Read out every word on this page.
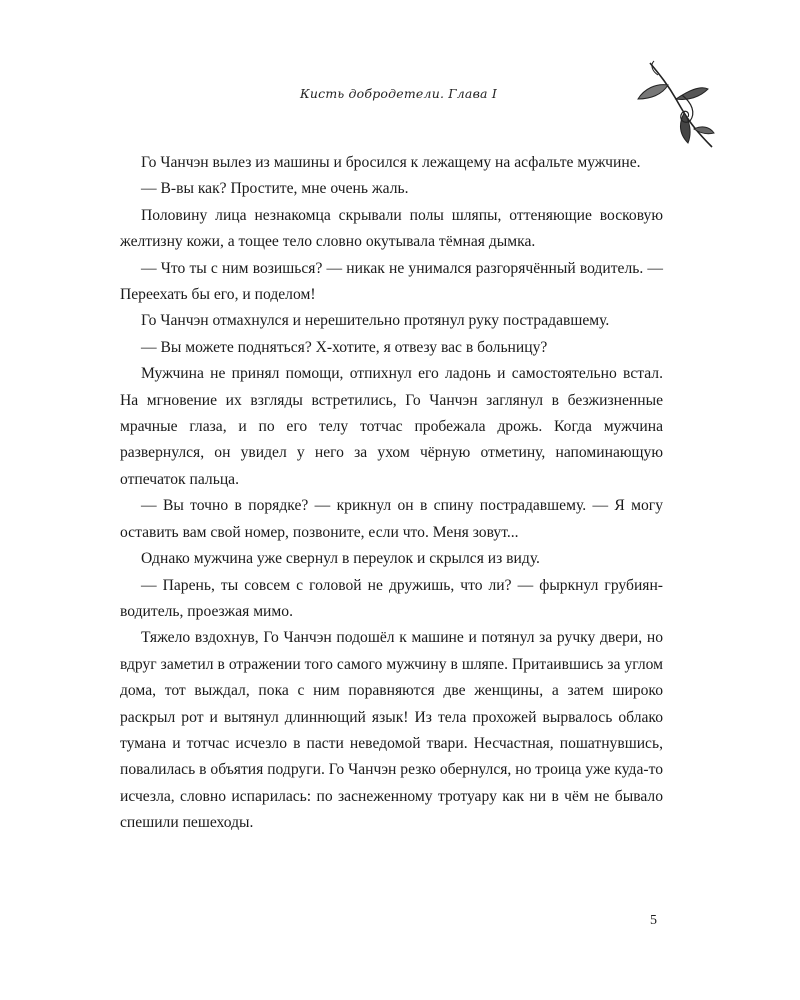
Кисть добродетели. Глава I

Го Чанчэн вылез из машины и бросился к лежащему на асфальте мужчине.

— В-вы как? Простите, мне очень жаль.

Половину лица незнакомца скрывали полы шляпы, оттеняющие восковую желтизну кожи, а тощее тело словно окутывала тёмная дымка.

— Что ты с ним возишься? — никак не унимался разгорячённый водитель. — Переехать бы его, и поделом!

Го Чанчэн отмахнулся и нерешительно протянул руку пострадавшему.

— Вы можете подняться? Х-хотите, я отвезу вас в больницу?

Мужчина не принял помощи, отпихнул его ладонь и самостоятельно встал. На мгновение их взгляды встретились, Го Чанчэн заглянул в безжизненные мрачные глаза, и по его телу тотчас пробежала дрожь. Когда мужчина развернулся, он увидел у него за ухом чёрную отметину, напоминающую отпечаток пальца.

— Вы точно в порядке? — крикнул он в спину пострадавшему. — Я могу оставить вам свой номер, позвоните, если что. Меня зовут...

Однако мужчина уже свернул в переулок и скрылся из виду.

— Парень, ты совсем с головой не дружишь, что ли? — фыркнул грубиян-водитель, проезжая мимо.

Тяжело вздохнув, Го Чанчэн подошёл к машине и потянул за ручку двери, но вдруг заметил в отражении того самого мужчину в шляпе. Притаившись за углом дома, тот выждал, пока с ним поравняются две женщины, а затем широко раскрыл рот и вытянул длиннющий язык! Из тела прохожей вырвалось облако тумана и тотчас исчезло в пасти неведомой твари. Несчастная, пошатнувшись, повалилась в объятия подруги. Го Чанчэн резко обернулся, но троица уже куда-то исчезла, словно испарилась: по заснеженному тротуару как ни в чём не бывало спешили пешеходы.

5
